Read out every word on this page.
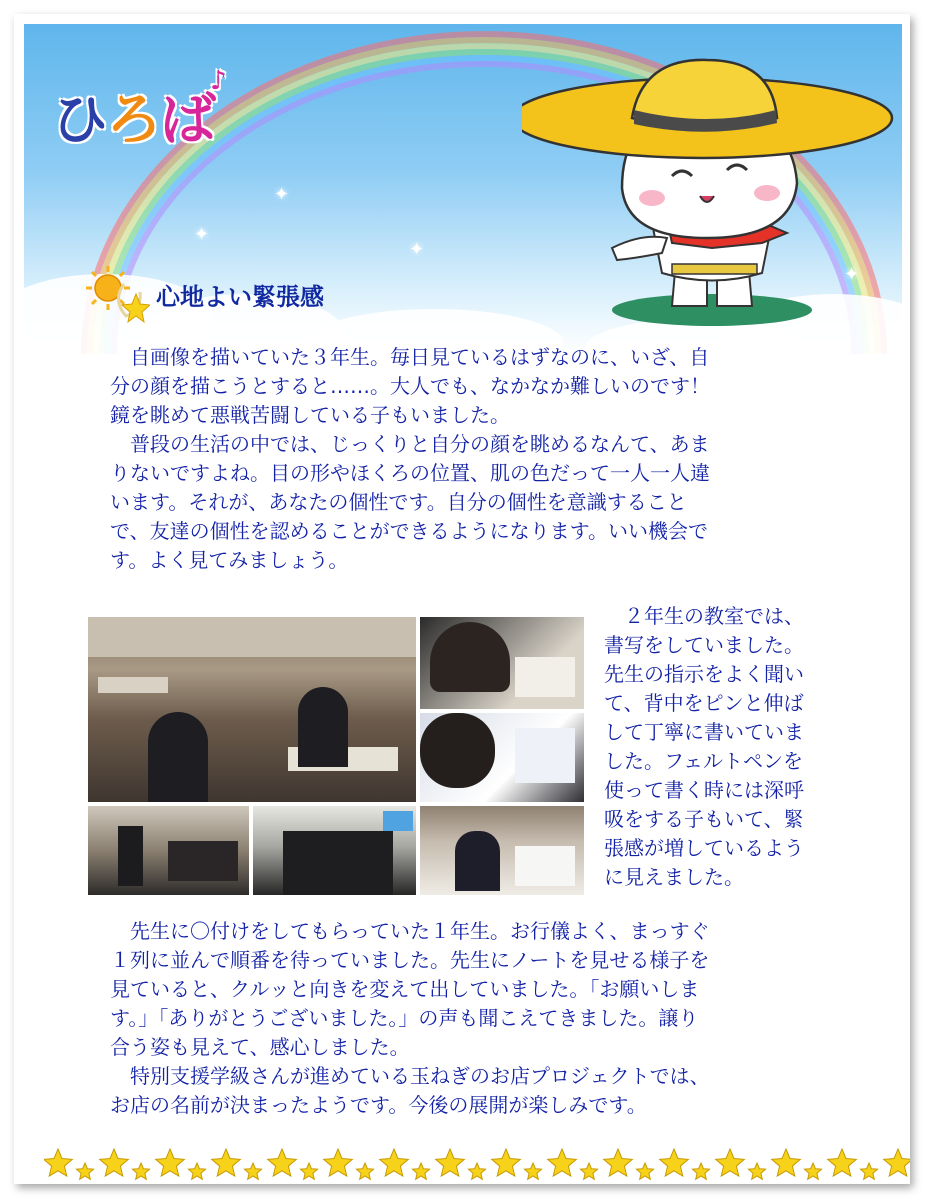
✦
✦
✦
✦
ひ ろ ば
♪
心地よい緊張感

　自画像を描いていた３年生。毎日見ているはずなのに、いざ、自
分の顔を描こうとすると……。大人でも、なかなか難しいのです！
鏡を眺めて悪戦苦闘している子もいました。
　普段の生活の中では、じっくりと自分の顔を眺めるなんて、あま
りないですよね。目の形やほくろの位置、肌の色だって一人一人違
います。それが、あなたの個性です。自分の個性を意識すること
で、友達の個性を認めることができるようになります。いい機会で
す。よく見てみましょう。

　２年生の教室では、
書写をしていました。
先生の指示をよく聞い
て、背中をピンと伸ば
して丁寧に書いていま
した。フェルトペンを
使って書く時には深呼
吸をする子もいて、緊
張感が増しているよう
に見えました。

　先生に〇付けをしてもらっていた１年生。お行儀よく、まっすぐ
１列に並んで順番を待っていました。先生にノートを見せる様子を
見ていると、クルッと向きを変えて出していました。「お願いしま
す。」「ありがとうございました。」の声も聞こえてきました。譲り
合う姿も見えて、感心しました。
　特別支援学級さんが進めている玉ねぎのお店プロジェクトでは、
お店の名前が決まったようです。今後の展開が楽しみです。
